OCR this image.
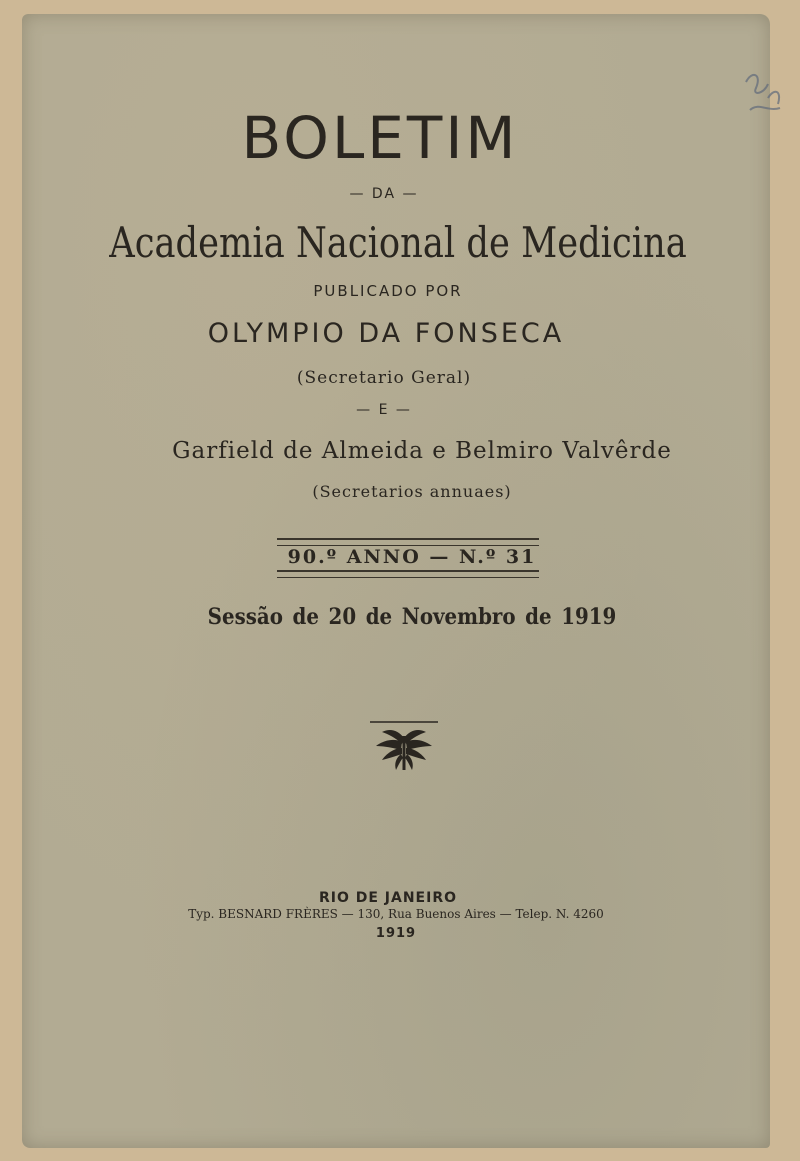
BOLETIM
— DA —
Academia Nacional de Medicina
PUBLICADO POR
OLYMPIO DA FONSECA
(Secretario Geral)
— E —
Garfield de Almeida e Belmiro Valvêrde
(Secretarios annuaes)
90.º ANNO — N.º 31
Sessão de 20 de Novembro de 1919
RIO DE JANEIRO
Typ. BESNARD FRÈRES — 130, Rua Buenos Aires — Telep. N. 4260
1919
